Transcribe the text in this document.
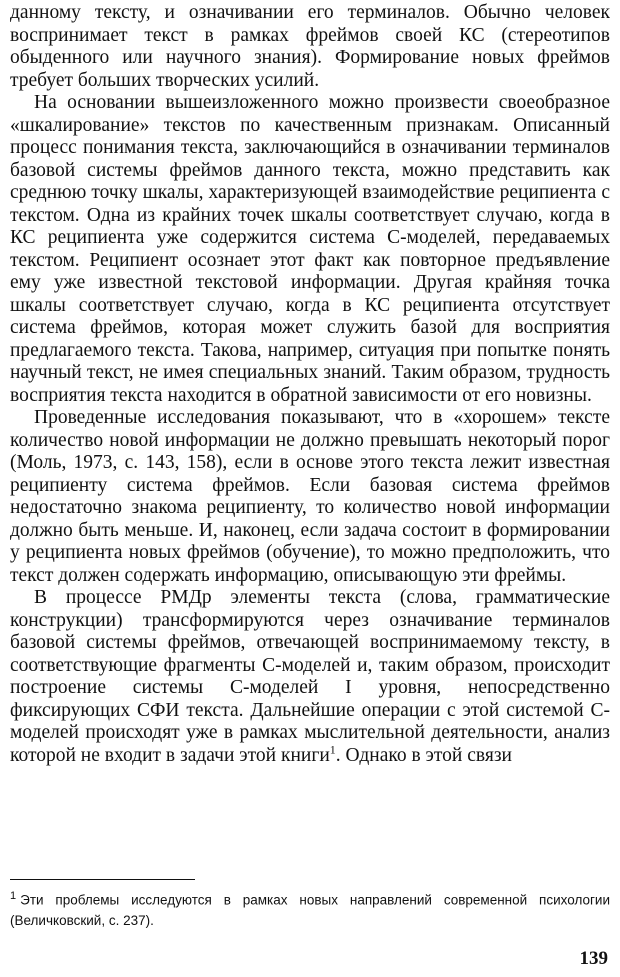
данному тексту, и означивании его терминалов. Обычно человек воспринимает текст в рамках фреймов своей КС (стереотипов обыденного или научного знания). Формирование новых фреймов требует больших творческих усилий.

На основании вышеизложенного можно произвести своеобразное «шкалирование» текстов по качественным признакам. Описанный процесс понимания текста, заключающийся в означивании терминалов базовой системы фреймов данного текста, можно представить как среднюю точку шкалы, характеризующей взаимодействие реципиента с текстом. Одна из крайних точек шкалы соответствует случаю, когда в КС реципиента уже содержится система С-моделей, передаваемых текстом. Реципиент осознает этот факт как повторное предъявление ему уже известной текстовой информации. Другая крайняя точка шкалы соответствует случаю, когда в КС реципиента отсутствует система фреймов, которая может служить базой для восприятия предлагаемого текста. Такова, например, ситуация при попытке понять научный текст, не имея специальных знаний. Таким образом, трудность восприятия текста находится в обратной зависимости от его новизны.

Проведенные исследования показывают, что в «хорошем» тексте количество новой информации не должно превышать некоторый порог (Моль, 1973, с. 143, 158), если в основе этого текста лежит известная реципиенту система фреймов. Если базовая система фреймов недостаточно знакома реципиенту, то количество новой информации должно быть меньше. И, наконец, если задача состоит в формировании у реципиента новых фреймов (обучение), то можно предположить, что текст должен содержать информацию, описывающую эти фреймы.

В процессе РМДр элементы текста (слова, грамматические конструкции) трансформируются через означивание терминалов базовой системы фреймов, отвечающей воспринимаемому тексту, в соответствующие фрагменты С-моделей и, таким образом, происходит построение системы С-моделей I уровня, непосредственно фиксирующих СФИ текста. Дальнейшие операции с этой системой С-моделей происходят уже в рамках мыслительной деятельности, анализ которой не входит в задачи этой книги$^1$. Однако в этой связи

$^1$ Эти проблемы исследуются в рамках новых направлений современной психологии (Величковский, с. 237).
139
